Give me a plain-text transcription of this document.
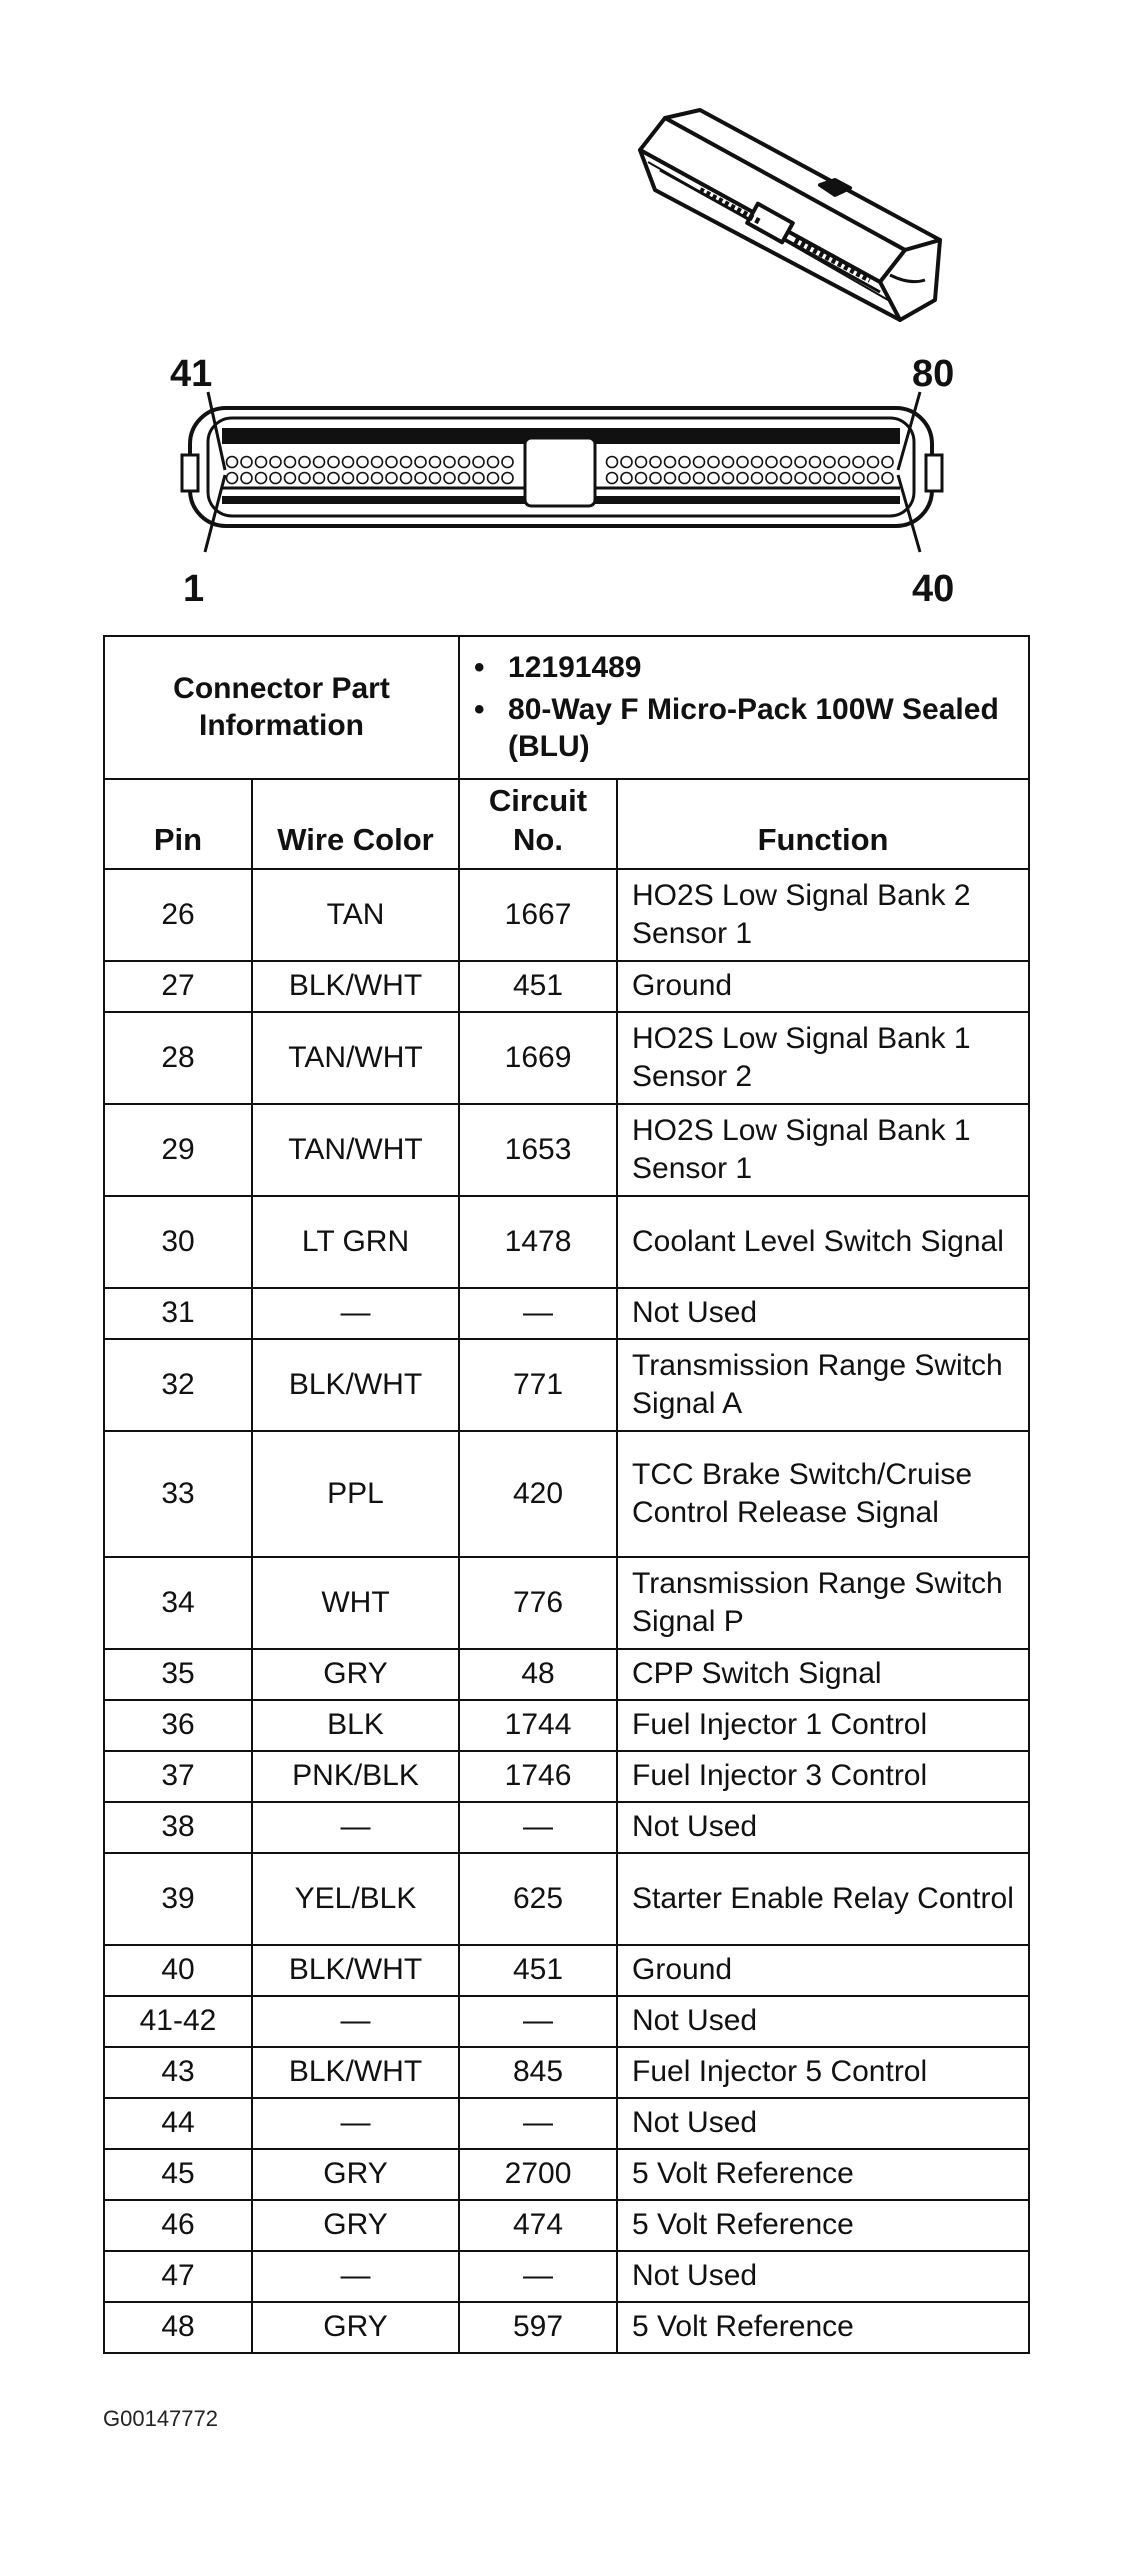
41	80
1	40
Connector Part Information		• 12191489
• 80-Way F Micro-Pack 100W Sealed (BLU)	

Pin	Wire Color	Circuit No.	Function
26	TAN	1667	HO2S Low Signal Bank 2 Sensor 1
27	BLK/WHT	451	Ground
28	TAN/WHT	1669	HO2S Low Signal Bank 1 Sensor 2
29	TAN/WHT	1653	HO2S Low Signal Bank 1 Sensor 1
30	LT GRN	1478	Coolant Level Switch Signal
31	—	—	Not Used
32	BLK/WHT	771	Transmission Range Switch Signal A
33	PPL	420	TCC Brake Switch/Cruise Control Release Signal
34	WHT	776	Transmission Range Switch Signal P
35	GRY	48	CPP Switch Signal
36	BLK	1744	Fuel Injector 1 Control
37	PNK/BLK	1746	Fuel Injector 3 Control
38	—	—	Not Used
39	YEL/BLK	625	Starter Enable Relay Control
40	BLK/WHT	451	Ground
41-42	—	—	Not Used
43	BLK/WHT	845	Fuel Injector 5 Control
44	—	—	Not Used
45	GRY	2700	5 Volt Reference
46	GRY	474	5 Volt Reference
47	—	—	Not Used
48	GRY	597	5 Volt Reference
G00147772
